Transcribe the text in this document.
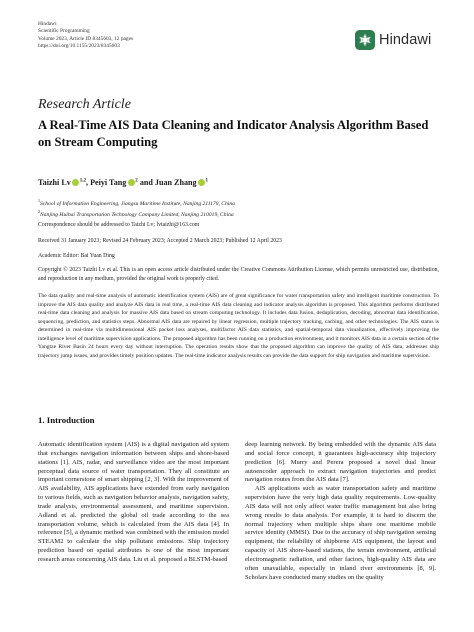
Hindawi
Scientific Programming
Volume 2023, Article ID 8345603, 12 pages
https://doi.org/10.1155/2023/8345603	Hindawi
Research Article
A Real-Time AIS Data Cleaning and Indicator Analysis Algorithm Based on Stream Computing
Taizhi Lv $^{1,2}$, Peiyi Tang $^2$ and Juan Zhang $^1$
$^1$School of Information Engineering, Jiangsu Maritime Institute, Nanjing 211170, China
$^2$Nanjing Huihai Transportation Technology Company Limited, Nanjing 210019, China
Correspondence should be addressed to Taizhi Lv; lvtaizhi@163.com
Received 31 January 2023; Revised 24 February 2023; Accepted 2 March 2023; Published 12 April 2023
Academic Editor: Bai Yuan Ding
Copyright © 2023 Taizhi Lv et al. This is an open access article distributed under the Creative Commons Attribution License, which permits unrestricted use, distribution, and reproduction in any medium, provided the original work is properly cited.
The data quality and real-time analysis of automatic identification system (AIS) are of great significance for water transportation safety and intelligent maritime construction. To improve the AIS data quality and analyze AIS data in real time, a real-time AIS data cleaning and indicator analysis algorithm is proposed. This algorithm performs distributed real-time data cleaning and analysis for massive AIS data based on stream computing technology. It includes data fusion, deduplication, decoding, abnormal data identification, sequencing, prediction, and statistics steps. Abnormal AIS data are repaired by linear regression, multiple trajectory tracking, caching, and other technologies. The AIS status is determined in real-time via multidimensional AIS packet loss analyses, multifactor AIS data statistics, and spatial-temporal data visualization, effectively improving the intelligence level of maritime supervision applications. The proposed algorithm has been running on a production environment, and it monitors AIS data in a certain section of the Yangtze River Basin 24 hours every day without interruption. The operation results show that the proposed algorithm can improve the quality of AIS data, addresses ship trajectory jump issues, and provides timely position updates. The real-time indicator analysis results can provide the data support for ship navigation and maritime supervision.
1. Introduction

Automatic identification system (AIS) is a digital navigation aid system that exchanges navigation information between ships and shore-based stations [1]. AIS, radar, and surveillance video are the most important perceptual data source of water transportation. They all constitute an important cornerstone of smart shipping [2, 3]. With the improvement of AIS availability, AIS applications have extended from early navigation to various fields, such as navigation behavior analysis, navigation safety, trade analysis, environmental assessment, and maritime supervision. Adland et al. predicted the global oil trade according to the sea transportation volume, which is calculated from the AIS data [4]. In reference [5], a dynamic method was combined with the emission model STEAM2 to calculate the ship pollutant emissions. Ship trajectory prediction based on spatial attributes is one of the most important research areas concerning AIS data. Liu et al. proposed a BLSTM-based

deep learning network. By being embedded with the dynamic AIS data and social force concept, it guarantees high-accuracy ship trajectory prediction [6]. Murry and Perera proposed a novel dual linear autoencoder approach to extract navigation trajectories and predict navigation routes from the AIS data [7].

AIS applications such as water transportation safety and maritime supervision have the very high data quality requirements. Low-quality AIS data will not only affect water traffic management but also bring wrong results to data analysis. For example, it is hard to discern the normal trajectory when multiple ships share one maritime mobile service identity (MMSI). Due to the accuracy of ship navigation sensing equipment, the reliability of shipborne AIS equipment, the layout and capacity of AIS shore-based stations, the terrain environment, artificial electromagnetic radiation, and other factors, high-quality AIS data are often unavailable, especially in inland river environments [8, 9]. Scholars have conducted many studies on the quality
